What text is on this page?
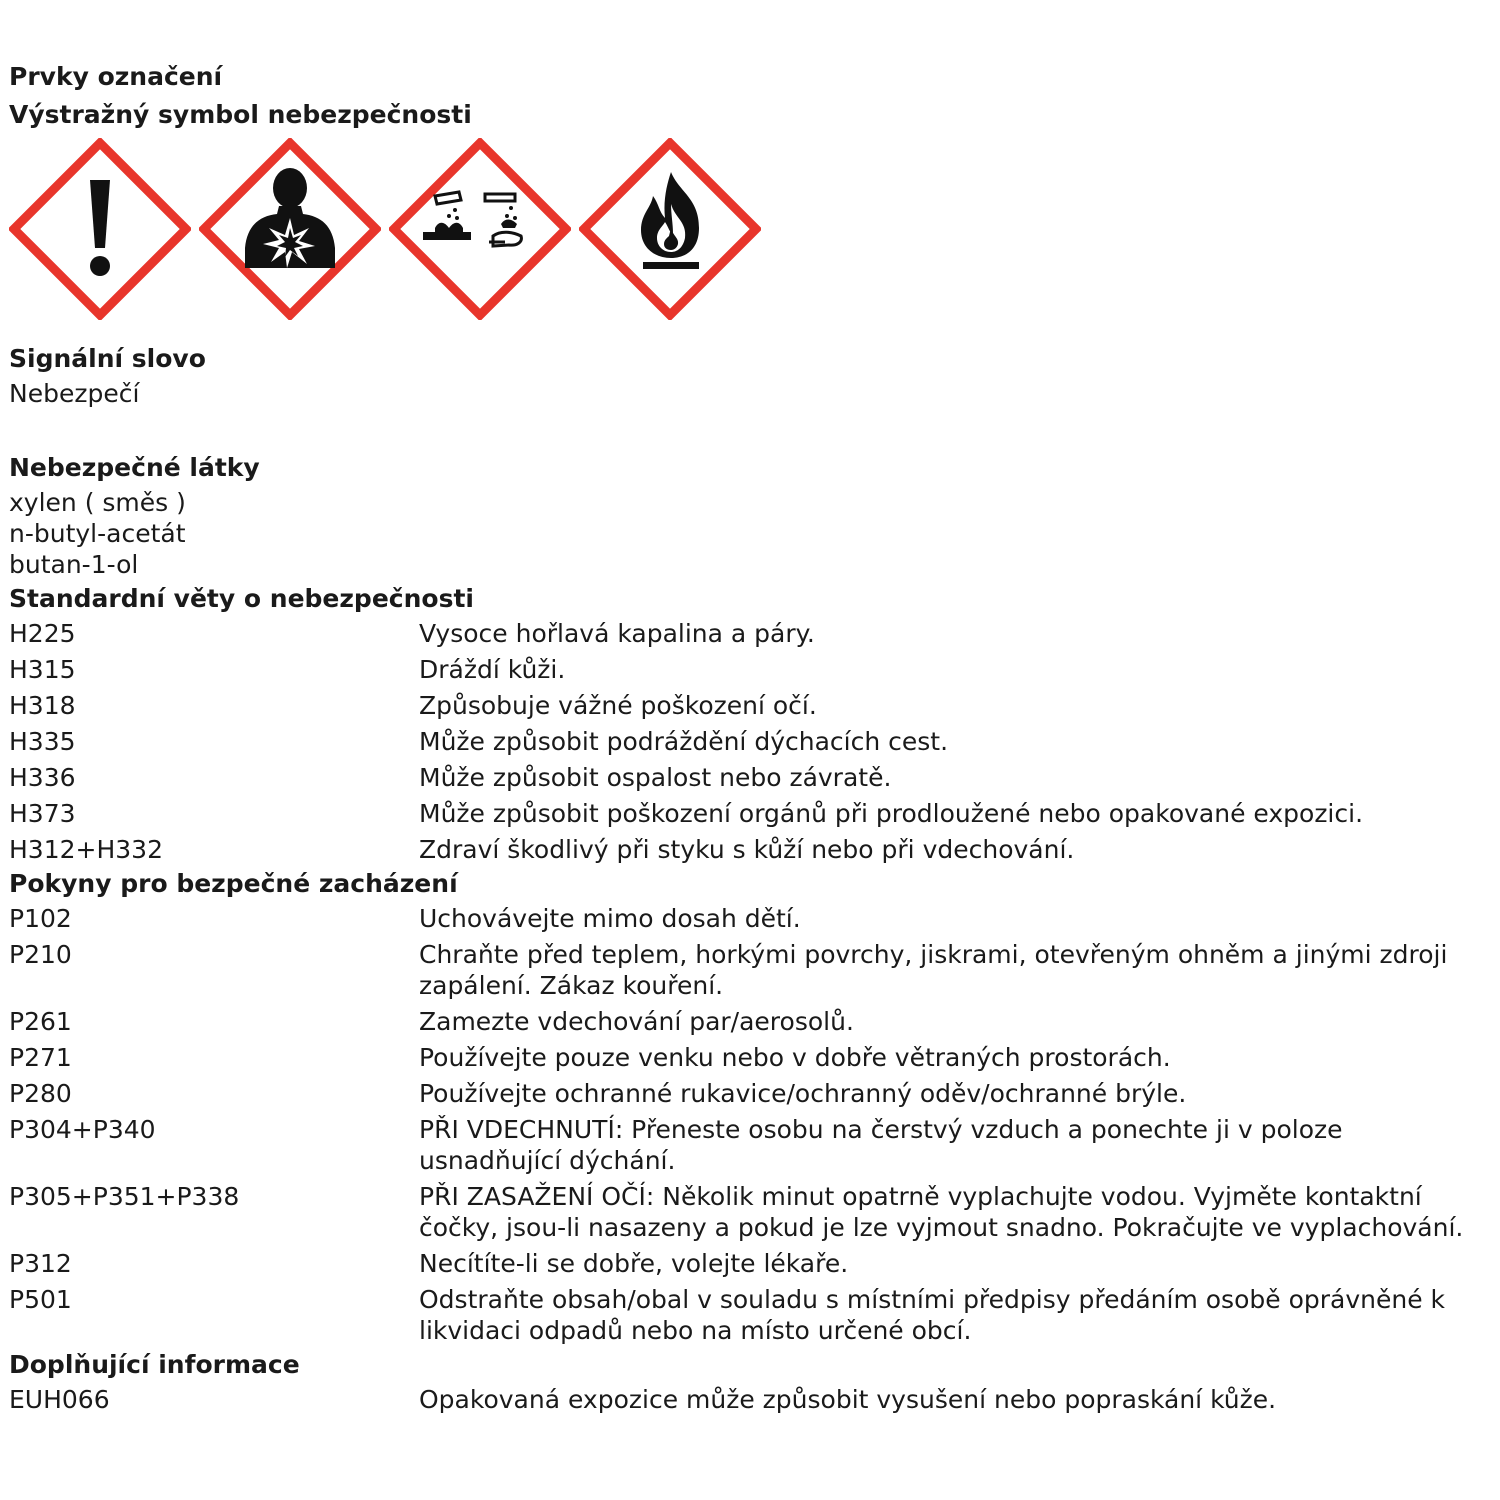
Prvky označení
Výstražný symbol nebezpečnosti
Signální slovo
Nebezpečí
Nebezpečné látky
xylen ( směs )
n-butyl-acetát
butan-1-ol
Standardní věty o nebezpečnosti
H225	Vysoce hořlavá kapalina a páry.
H315	Dráždí kůži.
H318	Způsobuje vážné poškození očí.
H335	Může způsobit podráždění dýchacích cest.
H336	Může způsobit ospalost nebo závratě.
H373	Může způsobit poškození orgánů při prodloužené nebo opakované expozici.
H312+H332	Zdraví škodlivý při styku s kůží nebo při vdechování.
Pokyny pro bezpečné zacházení
P102	Uchovávejte mimo dosah dětí.
P210	Chraňte před teplem, horkými povrchy, jiskrami, otevřeným ohněm a jinými zdroji
zapálení. Zákaz kouření.
P261	Zamezte vdechování par/aerosolů.
P271	Používejte pouze venku nebo v dobře větraných prostorách.
P280	Používejte ochranné rukavice/ochranný oděv/ochranné brýle.
P304+P340	PŘI VDECHNUTÍ: Přeneste osobu na čerstvý vzduch a ponechte ji v poloze
usnadňující dýchání.
P305+P351+P338	PŘI ZASAŽENÍ OČÍ: Několik minut opatrně vyplachujte vodou. Vyjměte kontaktní
čočky, jsou-li nasazeny a pokud je lze vyjmout snadno. Pokračujte ve vyplachování.
P312	Necítíte-li se dobře, volejte lékaře.
P501	Odstraňte obsah/obal v souladu s místními předpisy předáním osobě oprávněné k
likvidaci odpadů nebo na místo určené obcí.
Doplňující informace
EUH066	Opakovaná expozice může způsobit vysušení nebo popraskání kůže.
